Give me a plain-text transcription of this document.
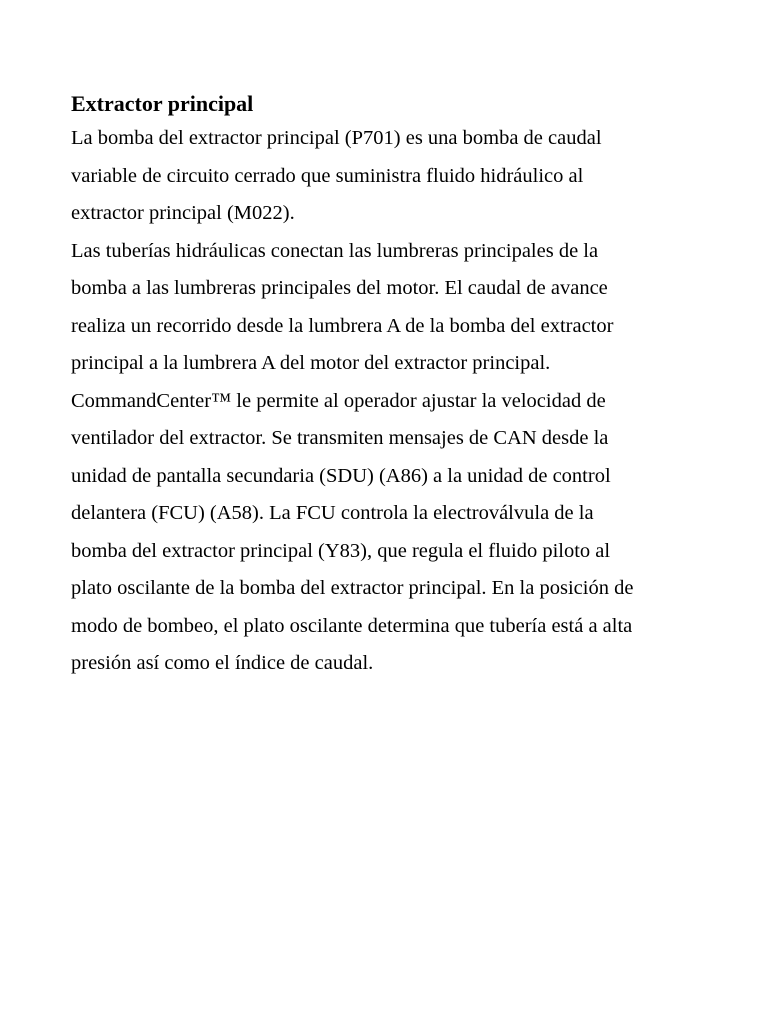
Extractor principal

La bomba del extractor principal (P701) es una bomba de caudal

variable de circuito cerrado que suministra fluido hidráulico al

extractor principal (M022).

Las tuberías hidráulicas conectan las lumbreras principales de la

bomba a las lumbreras principales del motor. El caudal de avance

realiza un recorrido desde la lumbrera A de la bomba del extractor

principal a la lumbrera A del motor del extractor principal.

CommandCenter™ le permite al operador ajustar la velocidad de

ventilador del extractor. Se transmiten mensajes de CAN desde la

unidad de pantalla secundaria (SDU) (A86) a la unidad de control

delantera (FCU) (A58). La FCU controla la electroválvula de la

bomba del extractor principal (Y83), que regula el fluido piloto al

plato oscilante de la bomba del extractor principal. En la posición de

modo de bombeo, el plato oscilante determina que tubería está a alta

presión así como el índice de caudal.
